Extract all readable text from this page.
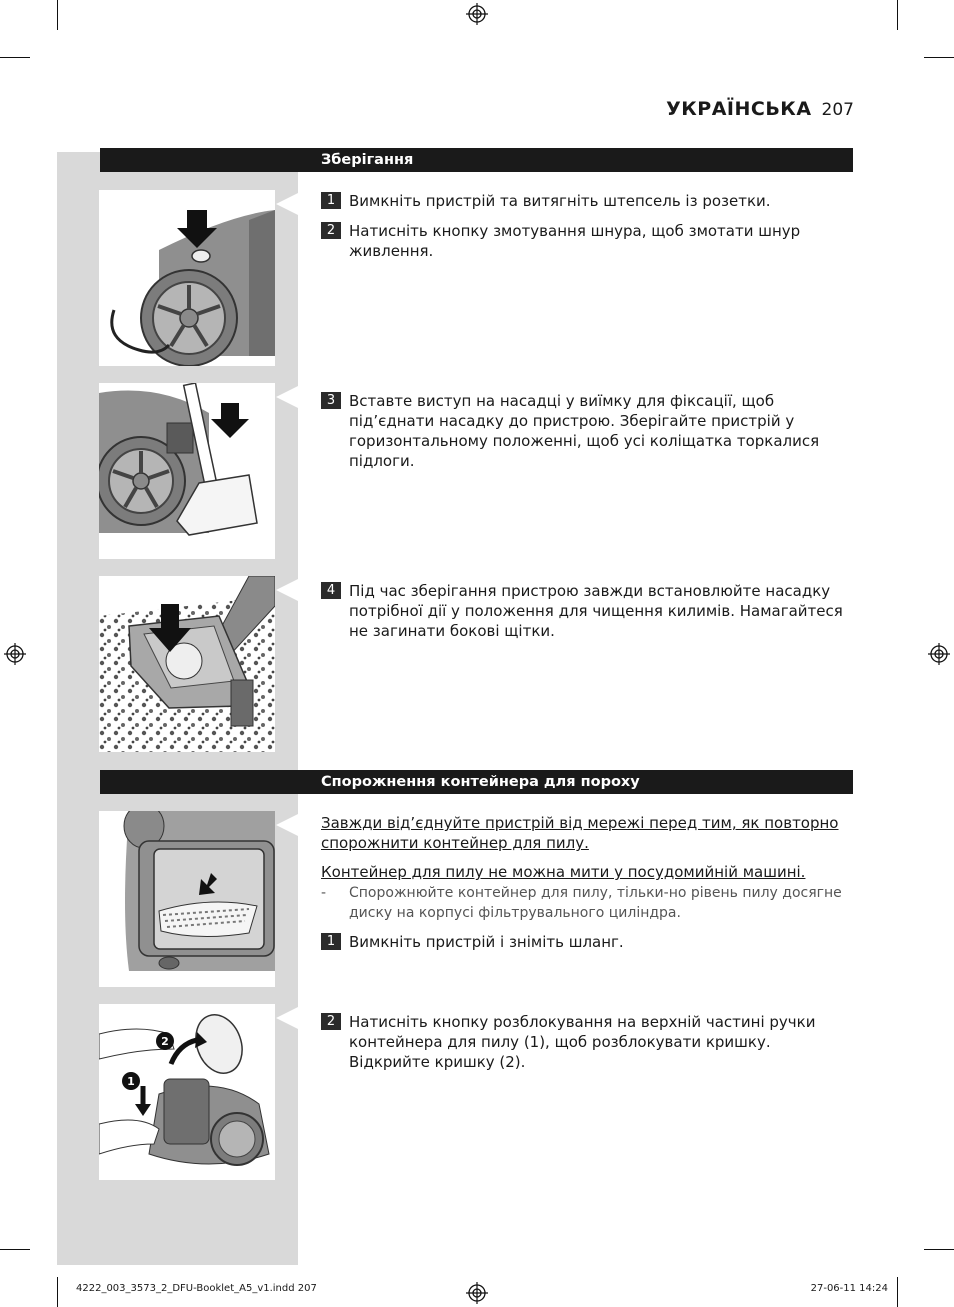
УКРАЇНСЬКА 207
Зберігання
1 Вимкніть пристрій та витягніть штепсель із розетки.
2 Натисніть кнопку змотування шнура, щоб змотати шнур живлення.
3 Вставте виступ на насадці у виїмку для фіксації, щоб під’єднати насадку до пристрою. Зберігайте пристрій у горизонтальному положенні, щоб усі коліщатка торкалися підлоги.
4 Під час зберігання пристрою завжди встановлюйте насадку потрібної дії у положення для чищення килимів. Намагайтеся не загинати бокові щітки.
Спорожнення контейнера для пороху
Завжди від’єднуйте пристрій від мережі перед тим, як повторно спорожнити контейнер для пилу.
Контейнер для пилу не можна мити у посудомийній машині.
-	Спорожнюйте контейнер для пилу, тільки-но рівень пилу досягне диску на корпусі фільтрувального циліндра.
1 Вимкніть пристрій і зніміть шланг.
2
1
2 Натисніть кнопку розблокування на верхній частині ручки контейнера для пилу (1), щоб розблокувати кришку. Відкрийте кришку (2).
4222_003_3573_2_DFU-Booklet_A5_v1.indd 207	27-06-11 14:24
